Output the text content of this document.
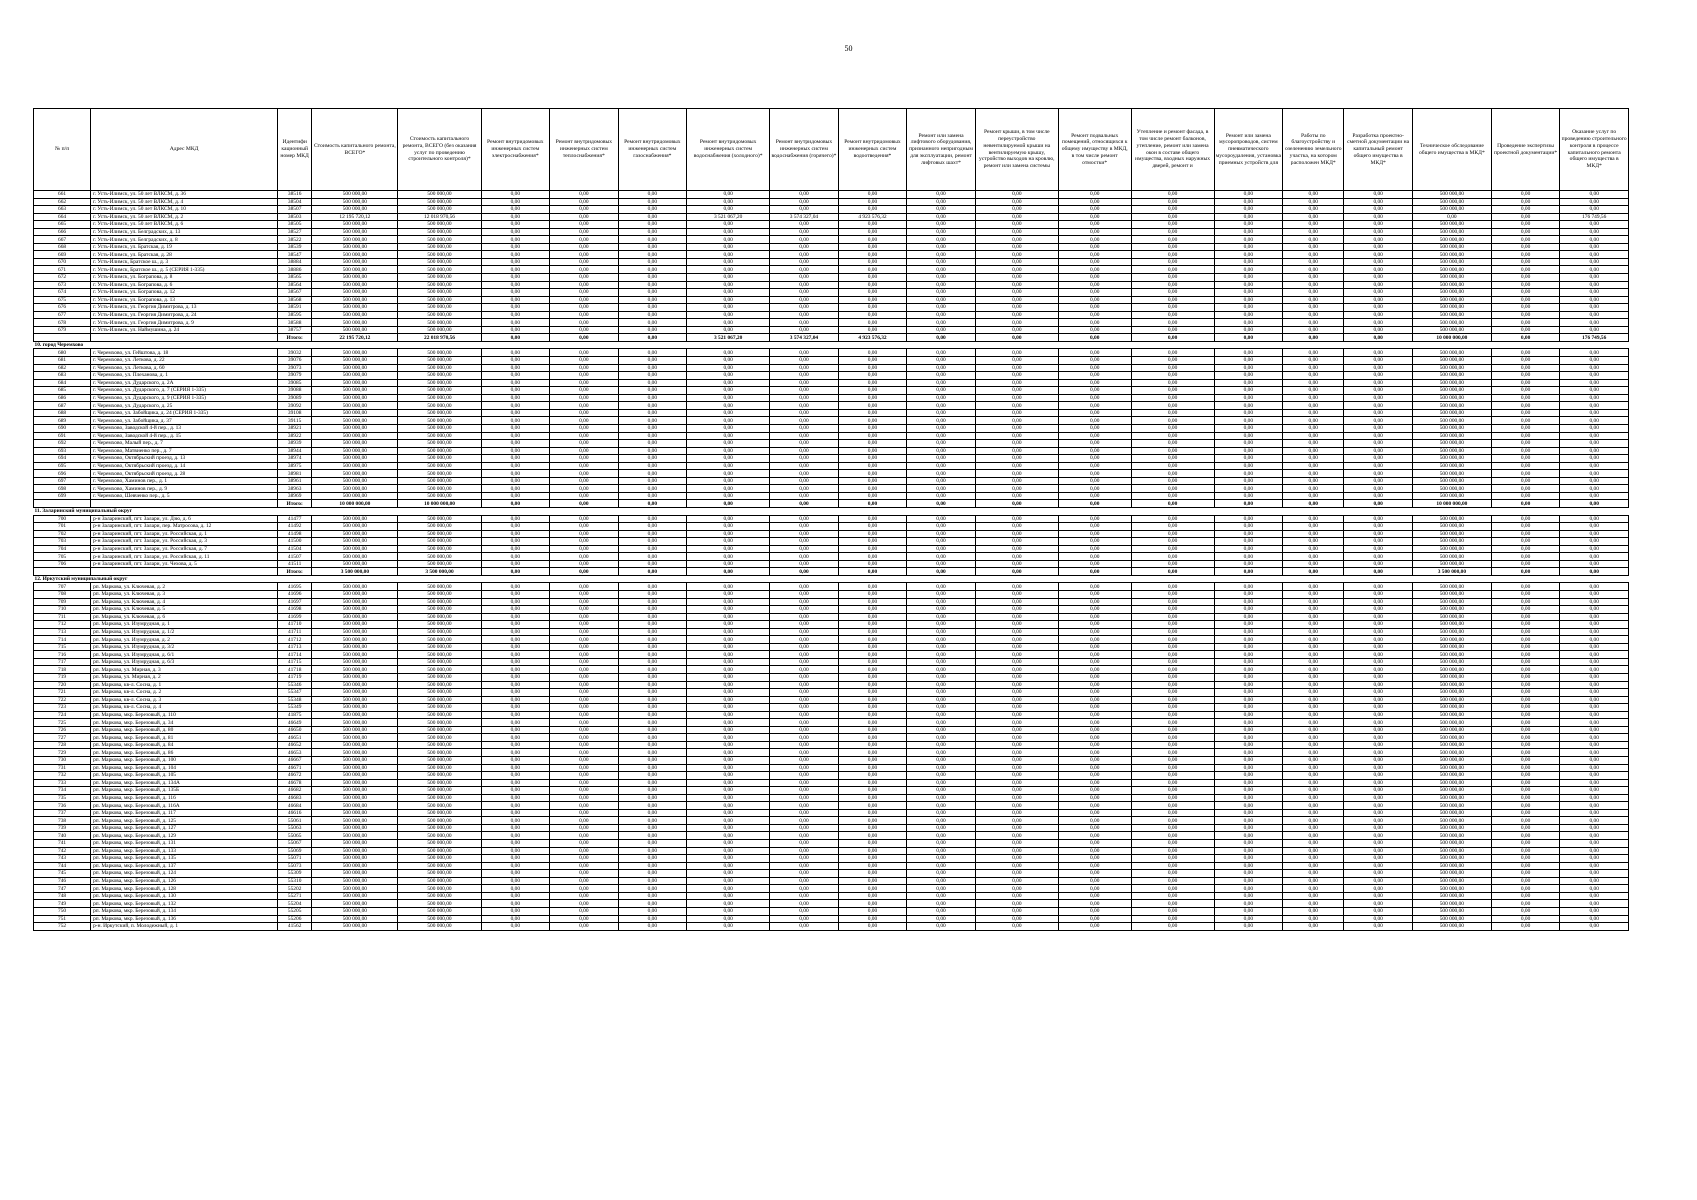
50
№ п/п	Адрес МКД	Идентифи кационный номер МКД	Стоимость капитального ремонта, ВСЕГО*	Стоимость капитального ремонта, ВСЕГО (без оказания услуг по проведению строительного контроля)*	Ремонт внутридомовых инженерных систем электроснабжения*	Ремонт внутридомовых инженерных систем теплоснабжения*	Ремонт внутридомовых инженерных систем газоснабжения*	Ремонт внутридомовых инженерных систем водоснабжения (холодного)*	Ремонт внутридомовых инженерных систем водоснабжения (горячего)*	Ремонт внутридомовых инженерных систем водоотведения*	Ремонт или замена лифтового оборудования, признанного непригодным для эксплуатации, ремонт лифтовых шахт*	Ремонт крыши, в том числе переустройство невентилируемой крыши на вентилируемую крышу, устройство выходов на кровлю, ремонт или замена системы	Ремонт подвальных помещений, относящихся к общему имуществу в МКД, в том числе ремонт отмостки*	Утепление и ремонт фасада, в том числе ремонт балконов, утепление, ремонт или замена окон в составе общего имущества, входных наружных дверей, ремонт и	Ремонт или замена мусоропроводов, систем пневматического мусороудаления, установка приемных устройств для	Работы по благоустройству и озеленению земельного участка, на котором расположен МКД*	Разработка проектно-сметной документации на капитальный ремонт общего имущества в МКД*	Техническое обследование общего имущества в МКД*	Проведение экспертизы проектной документации*	Оказание услуг по проведению строительного контроля в процессе капитального ремонта общего имущества в МКД*
661	г. Усть-Илимск, ул. 50 лет ВЛКСМ, д. 36	38516	500 000,00	500 000,00	0,00	0,00	0,00	0,00	0,00	0,00	0,00	0,00	0,00	0,00	0,00	0,00	0,00	500 000,00	0,00	0,00
662	г. Усть-Илимск, ул. 50 лет ВЛКСМ, д. 4	38504	500 000,00	500 000,00	0,00	0,00	0,00	0,00	0,00	0,00	0,00	0,00	0,00	0,00	0,00	0,00	0,00	500 000,00	0,00	0,00
663	г. Усть-Илимск, ул. 50 лет ВЛКСМ, д. 10	38507	500 000,00	500 000,00	0,00	0,00	0,00	0,00	0,00	0,00	0,00	0,00	0,00	0,00	0,00	0,00	0,00	500 000,00	0,00	0,00
664	г. Усть-Илимск, ул. 50 лет ВЛКСМ, д. 2	38503	12 195 720,12	12 018 970,56	0,00	0,00	0,00	3 521 067,20	3 574 327,04	4 923 576,32	0,00	0,00	0,00	0,00	0,00	0,00	0,00	0,00	0,00	176 749,56
665	г. Усть-Илимск, ул. 50 лет ВЛКСМ, д. 6	38505	500 000,00	500 000,00	0,00	0,00	0,00	0,00	0,00	0,00	0,00	0,00	0,00	0,00	0,00	0,00	0,00	500 000,00	0,00	0,00
666	г. Усть-Илимск, ул. Белградских, д. 13	38527	500 000,00	500 000,00	0,00	0,00	0,00	0,00	0,00	0,00	0,00	0,00	0,00	0,00	0,00	0,00	0,00	500 000,00	0,00	0,00
667	г. Усть-Илимск, ул. Белградских, д. 8	38522	500 000,00	500 000,00	0,00	0,00	0,00	0,00	0,00	0,00	0,00	0,00	0,00	0,00	0,00	0,00	0,00	500 000,00	0,00	0,00
668	г. Усть-Илимск, ул. Братская, д. 19	38539	500 000,00	500 000,00	0,00	0,00	0,00	0,00	0,00	0,00	0,00	0,00	0,00	0,00	0,00	0,00	0,00	500 000,00	0,00	0,00
669	г. Усть-Илимск, ул. Братская, д. 28	38547	500 000,00	500 000,00	0,00	0,00	0,00	0,00	0,00	0,00	0,00	0,00	0,00	0,00	0,00	0,00	0,00	500 000,00	0,00	0,00
670	г. Усть-Илимск, Братское ш., д. 3	38884	500 000,00	500 000,00	0,00	0,00	0,00	0,00	0,00	0,00	0,00	0,00	0,00	0,00	0,00	0,00	0,00	500 000,00	0,00	0,00
671	г. Усть-Илимск, Братское ш., д. 5 (СЕРИЯ 1-335)	38886	500 000,00	500 000,00	0,00	0,00	0,00	0,00	0,00	0,00	0,00	0,00	0,00	0,00	0,00	0,00	0,00	500 000,00	0,00	0,00
672	г. Усть-Илимск, ул. Бограпова, д. 8	38565	500 000,00	500 000,00	0,00	0,00	0,00	0,00	0,00	0,00	0,00	0,00	0,00	0,00	0,00	0,00	0,00	500 000,00	0,00	0,00
673	г. Усть-Илимск, ул. Бограпова, д. 6	38564	500 000,00	500 000,00	0,00	0,00	0,00	0,00	0,00	0,00	0,00	0,00	0,00	0,00	0,00	0,00	0,00	500 000,00	0,00	0,00
674	г. Усть-Илимск, ул. Бограпова, д. 12	38567	500 000,00	500 000,00	0,00	0,00	0,00	0,00	0,00	0,00	0,00	0,00	0,00	0,00	0,00	0,00	0,00	500 000,00	0,00	0,00
675	г. Усть-Илимск, ул. Бограпова, д. 13	38568	500 000,00	500 000,00	0,00	0,00	0,00	0,00	0,00	0,00	0,00	0,00	0,00	0,00	0,00	0,00	0,00	500 000,00	0,00	0,00
676	г. Усть-Илимск, ул. Георгия Димитрова, д. 13	38591	500 000,00	500 000,00	0,00	0,00	0,00	0,00	0,00	0,00	0,00	0,00	0,00	0,00	0,00	0,00	0,00	500 000,00	0,00	0,00
677	г. Усть-Илимск, ул. Георгия Димитрова, д. 24	38595	500 000,00	500 000,00	0,00	0,00	0,00	0,00	0,00	0,00	0,00	0,00	0,00	0,00	0,00	0,00	0,00	500 000,00	0,00	0,00
678	г. Усть-Илимск, ул. Георгия Димитрова, д. 9	38588	500 000,00	500 000,00	0,00	0,00	0,00	0,00	0,00	0,00	0,00	0,00	0,00	0,00	0,00	0,00	0,00	500 000,00	0,00	0,00
679	г. Усть-Илимск, ул. Наймушина, д. 24	38757	500 000,00	500 000,00	0,00	0,00	0,00	0,00	0,00	0,00	0,00	0,00	0,00	0,00	0,00	0,00	0,00	500 000,00	0,00	0,00
		Итого:	22 195 720,12	22 018 970,56	0,00	0,00	0,00	3 521 067,20	3 574 327,04	4 923 576,32	0,00	0,00	0,00	0,00	0,00	0,00	0,00	10 000 000,00	0,00	176 749,56
10. город Черемхово																				
680	г. Черемхово, ул. Гейштова, д. 18	39032	500 000,00	500 000,00	0,00	0,00	0,00	0,00	0,00	0,00	0,00	0,00	0,00	0,00	0,00	0,00	0,00	500 000,00	0,00	0,00
681	г. Черемхово, ул. Леткова, д. 22	39076	500 000,00	500 000,00	0,00	0,00	0,00	0,00	0,00	0,00	0,00	0,00	0,00	0,00	0,00	0,00	0,00	500 000,00	0,00	0,00
682	г. Черемхово, ул. Леткова, д. 60	39073	500 000,00	500 000,00	0,00	0,00	0,00	0,00	0,00	0,00	0,00	0,00	0,00	0,00	0,00	0,00	0,00	500 000,00	0,00	0,00
683	г. Черемхово, ул. Плеханова, д. 1	39079	500 000,00	500 000,00	0,00	0,00	0,00	0,00	0,00	0,00	0,00	0,00	0,00	0,00	0,00	0,00	0,00	500 000,00	0,00	0,00
684	г. Черемхово, ул. Дударского, д. 2А	39085	500 000,00	500 000,00	0,00	0,00	0,00	0,00	0,00	0,00	0,00	0,00	0,00	0,00	0,00	0,00	0,00	500 000,00	0,00	0,00
685	г. Черемхово, ул. Дударского, д. 7 (СЕРИЯ 1-335)	39088	500 000,00	500 000,00	0,00	0,00	0,00	0,00	0,00	0,00	0,00	0,00	0,00	0,00	0,00	0,00	0,00	500 000,00	0,00	0,00
686	г. Черемхово, ул. Дударского, д. 9 (СЕРИЯ 1-335)	39089	500 000,00	500 000,00	0,00	0,00	0,00	0,00	0,00	0,00	0,00	0,00	0,00	0,00	0,00	0,00	0,00	500 000,00	0,00	0,00
687	г. Черемхово, ул. Дударского, д. 25	39092	500 000,00	500 000,00	0,00	0,00	0,00	0,00	0,00	0,00	0,00	0,00	0,00	0,00	0,00	0,00	0,00	500 000,00	0,00	0,00
688	г. Черемхово, ул. Забойщика, д. 24 (СЕРИЯ 1-335)	39108	500 000,00	500 000,00	0,00	0,00	0,00	0,00	0,00	0,00	0,00	0,00	0,00	0,00	0,00	0,00	0,00	500 000,00	0,00	0,00
689	г. Черемхово, ул. Забойщика, д. 37	39115	500 000,00	500 000,00	0,00	0,00	0,00	0,00	0,00	0,00	0,00	0,00	0,00	0,00	0,00	0,00	0,00	500 000,00	0,00	0,00
690	г. Черемхово, Заводской 4-й пер., д. 13	38921	500 000,00	500 000,00	0,00	0,00	0,00	0,00	0,00	0,00	0,00	0,00	0,00	0,00	0,00	0,00	0,00	500 000,00	0,00	0,00
691	г. Черемхово, Заводской 4-й пер., д. 15	38922	500 000,00	500 000,00	0,00	0,00	0,00	0,00	0,00	0,00	0,00	0,00	0,00	0,00	0,00	0,00	0,00	500 000,00	0,00	0,00
692	г. Черемхово, Малый пер., д. 7	38939	500 000,00	500 000,00	0,00	0,00	0,00	0,00	0,00	0,00	0,00	0,00	0,00	0,00	0,00	0,00	0,00	500 000,00	0,00	0,00
693	г. Черемхово, Матвиенко пер., д. 7	38944	500 000,00	500 000,00	0,00	0,00	0,00	0,00	0,00	0,00	0,00	0,00	0,00	0,00	0,00	0,00	0,00	500 000,00	0,00	0,00
694	г. Черемхово, Октябрьский проезд, д. 13	38974	500 000,00	500 000,00	0,00	0,00	0,00	0,00	0,00	0,00	0,00	0,00	0,00	0,00	0,00	0,00	0,00	500 000,00	0,00	0,00
695	г. Черемхово, Октябрьский проезд, д. 14	38975	500 000,00	500 000,00	0,00	0,00	0,00	0,00	0,00	0,00	0,00	0,00	0,00	0,00	0,00	0,00	0,00	500 000,00	0,00	0,00
696	г. Черемхово, Октябрьский проезд, д. 28	38981	500 000,00	500 000,00	0,00	0,00	0,00	0,00	0,00	0,00	0,00	0,00	0,00	0,00	0,00	0,00	0,00	500 000,00	0,00	0,00
697	г. Черемхово, Хаминов пер., д. 1	38961	500 000,00	500 000,00	0,00	0,00	0,00	0,00	0,00	0,00	0,00	0,00	0,00	0,00	0,00	0,00	0,00	500 000,00	0,00	0,00
698	г. Черемхово, Хаминов пер., д. 9	38963	500 000,00	500 000,00	0,00	0,00	0,00	0,00	0,00	0,00	0,00	0,00	0,00	0,00	0,00	0,00	0,00	500 000,00	0,00	0,00
699	г. Черемхово, Шевченко пер., д. 5	38969	500 000,00	500 000,00	0,00	0,00	0,00	0,00	0,00	0,00	0,00	0,00	0,00	0,00	0,00	0,00	0,00	500 000,00	0,00	0,00
		Итого:	10 000 000,00	10 000 000,00	0,00	0,00	0,00	0,00	0,00	0,00	0,00	0,00	0,00	0,00	0,00	0,00	0,00	10 000 000,00	0,00	0,00
11. Заларинский муниципальный округ																				
700	р-н Заларинский, пгт. Залари, ул. Дзю, д. 6	41477	500 000,00	500 000,00	0,00	0,00	0,00	0,00	0,00	0,00	0,00	0,00	0,00	0,00	0,00	0,00	0,00	500 000,00	0,00	0,00
701	р-н Заларинский, пгт. Залари, пер. Матросова, д. 12	41492	500 000,00	500 000,00	0,00	0,00	0,00	0,00	0,00	0,00	0,00	0,00	0,00	0,00	0,00	0,00	0,00	500 000,00	0,00	0,00
702	р-н Заларинский, пгт. Залари, ул. Российская, д. 1	41498	500 000,00	500 000,00	0,00	0,00	0,00	0,00	0,00	0,00	0,00	0,00	0,00	0,00	0,00	0,00	0,00	500 000,00	0,00	0,00
703	р-н Заларинский, пгт. Залари, ул. Российская, д. 3	41500	500 000,00	500 000,00	0,00	0,00	0,00	0,00	0,00	0,00	0,00	0,00	0,00	0,00	0,00	0,00	0,00	500 000,00	0,00	0,00
704	р-н Заларинский, пгт. Залари, ул. Российская, д. 7	41504	500 000,00	500 000,00	0,00	0,00	0,00	0,00	0,00	0,00	0,00	0,00	0,00	0,00	0,00	0,00	0,00	500 000,00	0,00	0,00
705	р-н Заларинский, пгт. Залари, ул. Российская, д. 11	41507	500 000,00	500 000,00	0,00	0,00	0,00	0,00	0,00	0,00	0,00	0,00	0,00	0,00	0,00	0,00	0,00	500 000,00	0,00	0,00
706	р-н Заларинский, пгт. Залари, ул. Чехова, д. 5	41511	500 000,00	500 000,00	0,00	0,00	0,00	0,00	0,00	0,00	0,00	0,00	0,00	0,00	0,00	0,00	0,00	500 000,00	0,00	0,00
		Итого:	3 500 000,00	3 500 000,00	0,00	0,00	0,00	0,00	0,00	0,00	0,00	0,00	0,00	0,00	0,00	0,00	0,00	3 500 000,00	0,00	0,00
12. Иркутский муниципальный округ																				
707	рп. Маркова, ул. Ключевая, д. 2	41695	500 000,00	500 000,00	0,00	0,00	0,00	0,00	0,00	0,00	0,00	0,00	0,00	0,00	0,00	0,00	0,00	500 000,00	0,00	0,00
708	рп. Маркова, ул. Ключевая, д. 3	41696	500 000,00	500 000,00	0,00	0,00	0,00	0,00	0,00	0,00	0,00	0,00	0,00	0,00	0,00	0,00	0,00	500 000,00	0,00	0,00
709	рп. Маркова, ул. Ключевая, д. 4	41697	500 000,00	500 000,00	0,00	0,00	0,00	0,00	0,00	0,00	0,00	0,00	0,00	0,00	0,00	0,00	0,00	500 000,00	0,00	0,00
710	рп. Маркова, ул. Ключевая, д. 5	41698	500 000,00	500 000,00	0,00	0,00	0,00	0,00	0,00	0,00	0,00	0,00	0,00	0,00	0,00	0,00	0,00	500 000,00	0,00	0,00
711	рп. Маркова, ул. Ключевая, д. 6	41699	500 000,00	500 000,00	0,00	0,00	0,00	0,00	0,00	0,00	0,00	0,00	0,00	0,00	0,00	0,00	0,00	500 000,00	0,00	0,00
712	рп. Маркова, ул. Изумрудная, д. 1	41710	500 000,00	500 000,00	0,00	0,00	0,00	0,00	0,00	0,00	0,00	0,00	0,00	0,00	0,00	0,00	0,00	500 000,00	0,00	0,00
713	рп. Маркова, ул. Изумрудная, д. 1/2	41711	500 000,00	500 000,00	0,00	0,00	0,00	0,00	0,00	0,00	0,00	0,00	0,00	0,00	0,00	0,00	0,00	500 000,00	0,00	0,00
714	рп. Маркова, ул. Изумрудная, д. 2	41712	500 000,00	500 000,00	0,00	0,00	0,00	0,00	0,00	0,00	0,00	0,00	0,00	0,00	0,00	0,00	0,00	500 000,00	0,00	0,00
715	рп. Маркова, ул. Изумрудная, д. 3/2	41713	500 000,00	500 000,00	0,00	0,00	0,00	0,00	0,00	0,00	0,00	0,00	0,00	0,00	0,00	0,00	0,00	500 000,00	0,00	0,00
716	рп. Маркова, ул. Изумрудная, д. 6/1	41714	500 000,00	500 000,00	0,00	0,00	0,00	0,00	0,00	0,00	0,00	0,00	0,00	0,00	0,00	0,00	0,00	500 000,00	0,00	0,00
717	рп. Маркова, ул. Изумрудная, д. 6/3	41715	500 000,00	500 000,00	0,00	0,00	0,00	0,00	0,00	0,00	0,00	0,00	0,00	0,00	0,00	0,00	0,00	500 000,00	0,00	0,00
718	рп. Маркова, ул. Мирная, д. 3	41718	500 000,00	500 000,00	0,00	0,00	0,00	0,00	0,00	0,00	0,00	0,00	0,00	0,00	0,00	0,00	0,00	500 000,00	0,00	0,00
719	рп. Маркова, ул. Мирная, д. 2	41719	500 000,00	500 000,00	0,00	0,00	0,00	0,00	0,00	0,00	0,00	0,00	0,00	0,00	0,00	0,00	0,00	500 000,00	0,00	0,00
720	рп. Маркова, кв-л. Сосна, д. 1	55346	500 000,00	500 000,00	0,00	0,00	0,00	0,00	0,00	0,00	0,00	0,00	0,00	0,00	0,00	0,00	0,00	500 000,00	0,00	0,00
721	рп. Маркова, кв-л. Сосна, д. 2	55347	500 000,00	500 000,00	0,00	0,00	0,00	0,00	0,00	0,00	0,00	0,00	0,00	0,00	0,00	0,00	0,00	500 000,00	0,00	0,00
722	рп. Маркова, кв-л. Сосна, д. 3	55348	500 000,00	500 000,00	0,00	0,00	0,00	0,00	0,00	0,00	0,00	0,00	0,00	0,00	0,00	0,00	0,00	500 000,00	0,00	0,00
723	рп. Маркова, кв-л. Сосна, д. 4	55349	500 000,00	500 000,00	0,00	0,00	0,00	0,00	0,00	0,00	0,00	0,00	0,00	0,00	0,00	0,00	0,00	500 000,00	0,00	0,00
724	рп. Маркова, мкр. Березовый, д. 110	41875	500 000,00	500 000,00	0,00	0,00	0,00	0,00	0,00	0,00	0,00	0,00	0,00	0,00	0,00	0,00	0,00	500 000,00	0,00	0,00
725	рп. Маркова, мкр. Березовый, д. 34	46649	500 000,00	500 000,00	0,00	0,00	0,00	0,00	0,00	0,00	0,00	0,00	0,00	0,00	0,00	0,00	0,00	500 000,00	0,00	0,00
726	рп. Маркова, мкр. Березовый, д. 80	46650	500 000,00	500 000,00	0,00	0,00	0,00	0,00	0,00	0,00	0,00	0,00	0,00	0,00	0,00	0,00	0,00	500 000,00	0,00	0,00
727	рп. Маркова, мкр. Березовый, д. 81	46651	500 000,00	500 000,00	0,00	0,00	0,00	0,00	0,00	0,00	0,00	0,00	0,00	0,00	0,00	0,00	0,00	500 000,00	0,00	0,00
728	рп. Маркова, мкр. Березовый, д. 84	46652	500 000,00	500 000,00	0,00	0,00	0,00	0,00	0,00	0,00	0,00	0,00	0,00	0,00	0,00	0,00	0,00	500 000,00	0,00	0,00
729	рп. Маркова, мкр. Березовый, д. 86	46653	500 000,00	500 000,00	0,00	0,00	0,00	0,00	0,00	0,00	0,00	0,00	0,00	0,00	0,00	0,00	0,00	500 000,00	0,00	0,00
730	рп. Маркова, мкр. Березовый, д. 100	46667	500 000,00	500 000,00	0,00	0,00	0,00	0,00	0,00	0,00	0,00	0,00	0,00	0,00	0,00	0,00	0,00	500 000,00	0,00	0,00
731	рп. Маркова, мкр. Березовый, д. 104	46671	500 000,00	500 000,00	0,00	0,00	0,00	0,00	0,00	0,00	0,00	0,00	0,00	0,00	0,00	0,00	0,00	500 000,00	0,00	0,00
732	рп. Маркова, мкр. Березовый, д. 105	46672	500 000,00	500 000,00	0,00	0,00	0,00	0,00	0,00	0,00	0,00	0,00	0,00	0,00	0,00	0,00	0,00	500 000,00	0,00	0,00
733	рп. Маркова, мкр. Березовый, д. 134А	46678	500 000,00	500 000,00	0,00	0,00	0,00	0,00	0,00	0,00	0,00	0,00	0,00	0,00	0,00	0,00	0,00	500 000,00	0,00	0,00
734	рп. Маркова, мкр. Березовый, д. 135Б	46682	500 000,00	500 000,00	0,00	0,00	0,00	0,00	0,00	0,00	0,00	0,00	0,00	0,00	0,00	0,00	0,00	500 000,00	0,00	0,00
735	рп. Маркова, мкр. Березовый, д. 116	46683	500 000,00	500 000,00	0,00	0,00	0,00	0,00	0,00	0,00	0,00	0,00	0,00	0,00	0,00	0,00	0,00	500 000,00	0,00	0,00
736	рп. Маркова, мкр. Березовый, д. 116А	46684	500 000,00	500 000,00	0,00	0,00	0,00	0,00	0,00	0,00	0,00	0,00	0,00	0,00	0,00	0,00	0,00	500 000,00	0,00	0,00
737	рп. Маркова, мкр. Березовый, д. 117	46616	500 000,00	500 000,00	0,00	0,00	0,00	0,00	0,00	0,00	0,00	0,00	0,00	0,00	0,00	0,00	0,00	500 000,00	0,00	0,00
738	рп. Маркова, мкр. Березовый, д. 125	55061	500 000,00	500 000,00	0,00	0,00	0,00	0,00	0,00	0,00	0,00	0,00	0,00	0,00	0,00	0,00	0,00	500 000,00	0,00	0,00
739	рп. Маркова, мкр. Березовый, д. 127	55063	500 000,00	500 000,00	0,00	0,00	0,00	0,00	0,00	0,00	0,00	0,00	0,00	0,00	0,00	0,00	0,00	500 000,00	0,00	0,00
740	рп. Маркова, мкр. Березовый, д. 129	55065	500 000,00	500 000,00	0,00	0,00	0,00	0,00	0,00	0,00	0,00	0,00	0,00	0,00	0,00	0,00	0,00	500 000,00	0,00	0,00
741	рп. Маркова, мкр. Березовый, д. 131	55067	500 000,00	500 000,00	0,00	0,00	0,00	0,00	0,00	0,00	0,00	0,00	0,00	0,00	0,00	0,00	0,00	500 000,00	0,00	0,00
742	рп. Маркова, мкр. Березовый, д. 133	55069	500 000,00	500 000,00	0,00	0,00	0,00	0,00	0,00	0,00	0,00	0,00	0,00	0,00	0,00	0,00	0,00	500 000,00	0,00	0,00
743	рп. Маркова, мкр. Березовый, д. 135	55071	500 000,00	500 000,00	0,00	0,00	0,00	0,00	0,00	0,00	0,00	0,00	0,00	0,00	0,00	0,00	0,00	500 000,00	0,00	0,00
744	рп. Маркова, мкр. Березовый, д. 137	55073	500 000,00	500 000,00	0,00	0,00	0,00	0,00	0,00	0,00	0,00	0,00	0,00	0,00	0,00	0,00	0,00	500 000,00	0,00	0,00
745	рп. Маркова, мкр. Березовый, д. 124	55309	500 000,00	500 000,00	0,00	0,00	0,00	0,00	0,00	0,00	0,00	0,00	0,00	0,00	0,00	0,00	0,00	500 000,00	0,00	0,00
746	рп. Маркова, мкр. Березовый, д. 126	55310	500 000,00	500 000,00	0,00	0,00	0,00	0,00	0,00	0,00	0,00	0,00	0,00	0,00	0,00	0,00	0,00	500 000,00	0,00	0,00
747	рп. Маркова, мкр. Березовый, д. 128	55202	500 000,00	500 000,00	0,00	0,00	0,00	0,00	0,00	0,00	0,00	0,00	0,00	0,00	0,00	0,00	0,00	500 000,00	0,00	0,00
748	рп. Маркова, мкр. Березовый, д. 130	55271	500 000,00	500 000,00	0,00	0,00	0,00	0,00	0,00	0,00	0,00	0,00	0,00	0,00	0,00	0,00	0,00	500 000,00	0,00	0,00
749	рп. Маркова, мкр. Березовый, д. 132	55204	500 000,00	500 000,00	0,00	0,00	0,00	0,00	0,00	0,00	0,00	0,00	0,00	0,00	0,00	0,00	0,00	500 000,00	0,00	0,00
750	рп. Маркова, мкр. Березовый, д. 134	55205	500 000,00	500 000,00	0,00	0,00	0,00	0,00	0,00	0,00	0,00	0,00	0,00	0,00	0,00	0,00	0,00	500 000,00	0,00	0,00
751	рп. Маркова, мкр. Березовый, д. 136	55206	500 000,00	500 000,00	0,00	0,00	0,00	0,00	0,00	0,00	0,00	0,00	0,00	0,00	0,00	0,00	0,00	500 000,00	0,00	0,00
752	р-н. Иркутский, п. Молодежный, д. 1	41562	500 000,00	500 000,00	0,00	0,00	0,00	0,00	0,00	0,00	0,00	0,00	0,00	0,00	0,00	0,00	0,00	500 000,00	0,00	0,00
